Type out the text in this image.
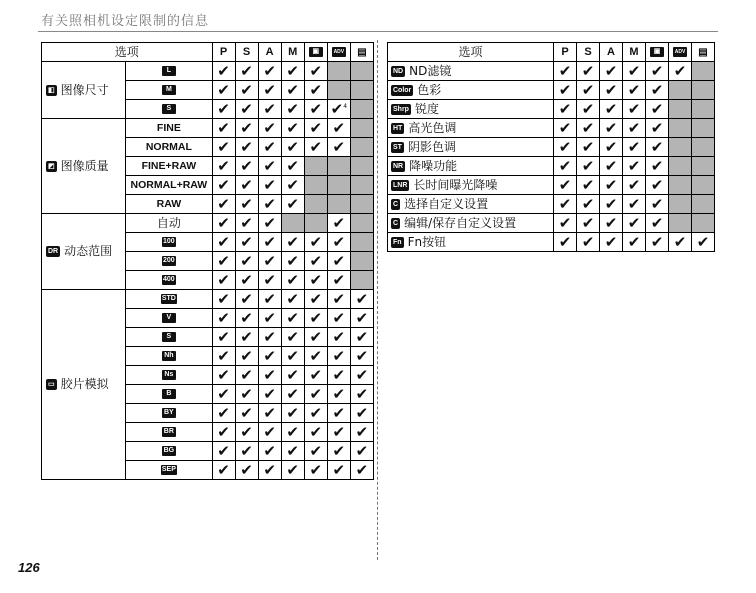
有关照相机设定限制的信息
126
选项		P	S	A	M	▣	ADV	▤
◧ 图像尺寸	L	✔	✔	✔	✔	✔		
	M	✔	✔	✔	✔	✔		
	S	✔	✔	✔	✔	✔	✔$^4$	
◩ 图像质量	FINE	✔	✔	✔	✔	✔	✔	
	NORMAL	✔	✔	✔	✔	✔	✔	
	FINE+RAW	✔	✔	✔	✔			
	NORMAL+RAW	✔	✔	✔	✔			
	RAW	✔	✔	✔	✔			
DR 动态范围	自动	✔	✔	✔			✔	
	100	✔	✔	✔	✔	✔	✔	
	200	✔	✔	✔	✔	✔	✔	
	400	✔	✔	✔	✔	✔	✔	
▭ 胶片模拟	STD	✔	✔	✔	✔	✔	✔	✔
	V	✔	✔	✔	✔	✔	✔	✔
	S	✔	✔	✔	✔	✔	✔	✔
	Nh	✔	✔	✔	✔	✔	✔	✔
	Ns	✔	✔	✔	✔	✔	✔	✔
	B	✔	✔	✔	✔	✔	✔	✔
	BY	✔	✔	✔	✔	✔	✔	✔
	BR	✔	✔	✔	✔	✔	✔	✔
	BG	✔	✔	✔	✔	✔	✔	✔
	SEP	✔	✔	✔	✔	✔	✔	✔
选项	P	S	A	M	▣	ADV	▤
ND ND滤镜	✔	✔	✔	✔	✔	✔	
Color 色彩	✔	✔	✔	✔	✔		
Shrp 锐度	✔	✔	✔	✔	✔		
HT 高光色调	✔	✔	✔	✔	✔		
ST 阴影色调	✔	✔	✔	✔	✔		
NR 降噪功能	✔	✔	✔	✔	✔		
LNR 长时间曝光降噪	✔	✔	✔	✔	✔		
C 选择自定义设置	✔	✔	✔	✔	✔		
C 编辑/保存自定义设置	✔	✔	✔	✔	✔		
Fn Fn按钮	✔	✔	✔	✔	✔	✔	✔
